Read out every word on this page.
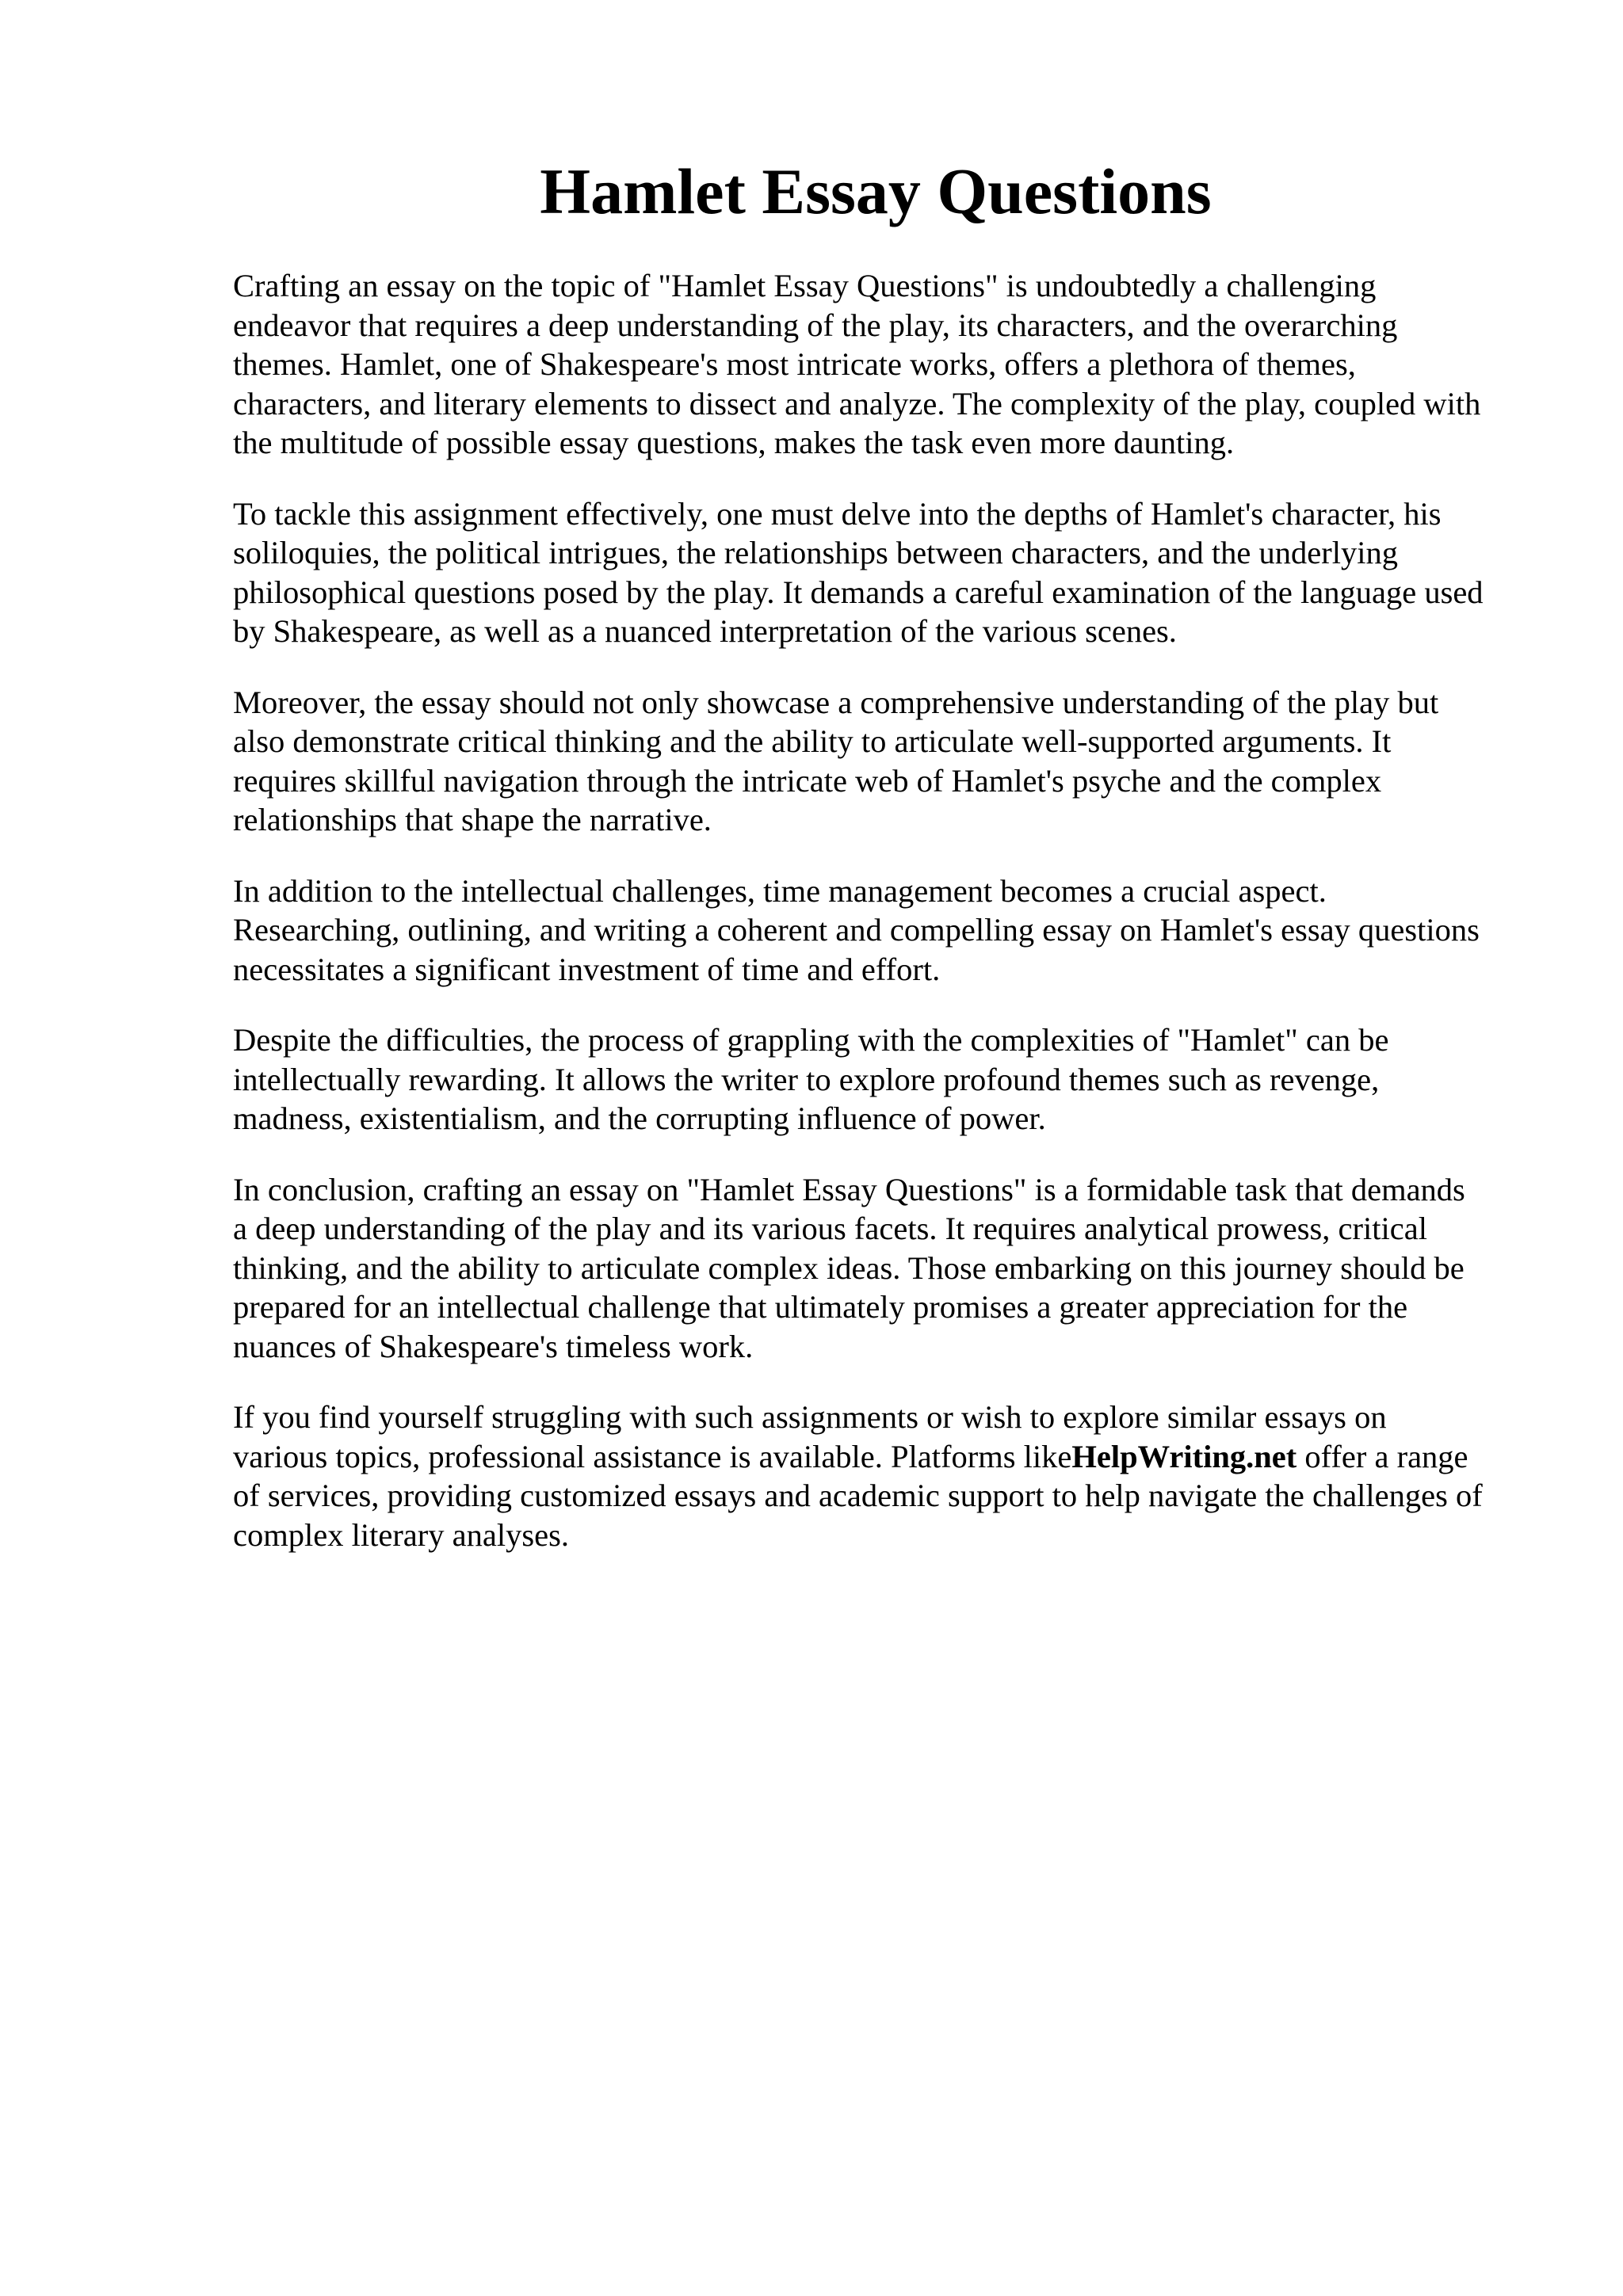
Hamlet Essay Questions

Crafting an essay on the topic of "Hamlet Essay Questions" is undoubtedly a challenging
endeavor that requires a deep understanding of the play, its characters, and the overarching
themes. Hamlet, one of Shakespeare's most intricate works, offers a plethora of themes,
characters, and literary elements to dissect and analyze. The complexity of the play, coupled with
the multitude of possible essay questions, makes the task even more daunting.

To tackle this assignment effectively, one must delve into the depths of Hamlet's character, his
soliloquies, the political intrigues, the relationships between characters, and the underlying
philosophical questions posed by the play. It demands a careful examination of the language used
by Shakespeare, as well as a nuanced interpretation of the various scenes.

Moreover, the essay should not only showcase a comprehensive understanding of the play but
also demonstrate critical thinking and the ability to articulate well-supported arguments. It
requires skillful navigation through the intricate web of Hamlet's psyche and the complex
relationships that shape the narrative.

In addition to the intellectual challenges, time management becomes a crucial aspect.
Researching, outlining, and writing a coherent and compelling essay on Hamlet's essay questions
necessitates a significant investment of time and effort.

Despite the difficulties, the process of grappling with the complexities of "Hamlet" can be
intellectually rewarding. It allows the writer to explore profound themes such as revenge,
madness, existentialism, and the corrupting influence of power.

In conclusion, crafting an essay on "Hamlet Essay Questions" is a formidable task that demands
a deep understanding of the play and its various facets. It requires analytical prowess, critical
thinking, and the ability to articulate complex ideas. Those embarking on this journey should be
prepared for an intellectual challenge that ultimately promises a greater appreciation for the
nuances of Shakespeare's timeless work.

If you find yourself struggling with such assignments or wish to explore similar essays on
various topics, professional assistance is available. Platforms likeHelpWriting.net offer a range
of services, providing customized essays and academic support to help navigate the challenges of
complex literary analyses.
